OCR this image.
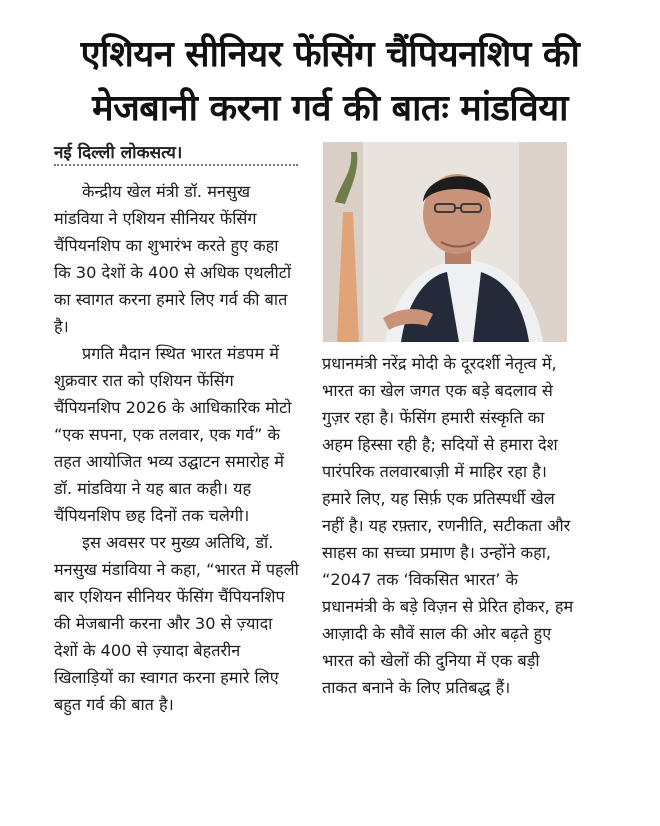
एशियन सीनियर फेंसिंग चैंपियनशिप की
मेजबानी करना गर्व की बातः मांडविया
नई दिल्ली लोकसत्य।

केन्द्रीय खेल मंत्री डॉ. मनसुख मांडविया ने एशियन सीनियर फेंसिंग चैंपियनशिप का शुभारंभ करते हुए कहा कि 30 देशों के 400 से अधिक एथलीटों का स्वागत करना हमारे लिए गर्व की बात है।

प्रगति मैदान स्थित भारत मंडपम में शुक्रवार रात को एशियन फेंसिंग चैंपियनशिप 2026 के आधिकारिक मोटो “एक सपना, एक तलवार, एक गर्व” के तहत आयोजित भव्य उद्घाटन समारोह में डॉ. मांडविया ने यह बात कही। यह चैंपियनशिप छह दिनों तक चलेगी।

इस अवसर पर मुख्य अतिथि, डॉ. मनसुख मंडाविया ने कहा, “भारत में पहली बार एशियन सीनियर फेंसिंग चैंपियनशिप की मेजबानी करना और 30 से ज़्यादा देशों के 400 से ज़्यादा बेहतरीन खिलाड़ियों का स्वागत करना हमारे लिए बहुत गर्व की बात है।

प्रधानमंत्री नरेंद्र मोदी के दूरदर्शी नेतृत्व में, भारत का खेल जगत एक बड़े बदलाव से गुज़र रहा है। फेंसिंग हमारी संस्कृति का अहम हिस्सा रही है; सदियों से हमारा देश पारंपरिक तलवारबाज़ी में माहिर रहा है। हमारे लिए, यह सिर्फ़ एक प्रतिस्पर्धी खेल नहीं है। यह रफ़्तार, रणनीति, सटीकता और साहस का सच्चा प्रमाण है। उन्होंने कहा, “2047 तक ‘विकसित भारत’ के प्रधानमंत्री के बड़े विज़न से प्रेरित होकर, हम आज़ादी के सौवें साल की ओर बढ़ते हुए भारत को खेलों की दुनिया में एक बड़ी ताकत बनाने के लिए प्रतिबद्ध हैं।
